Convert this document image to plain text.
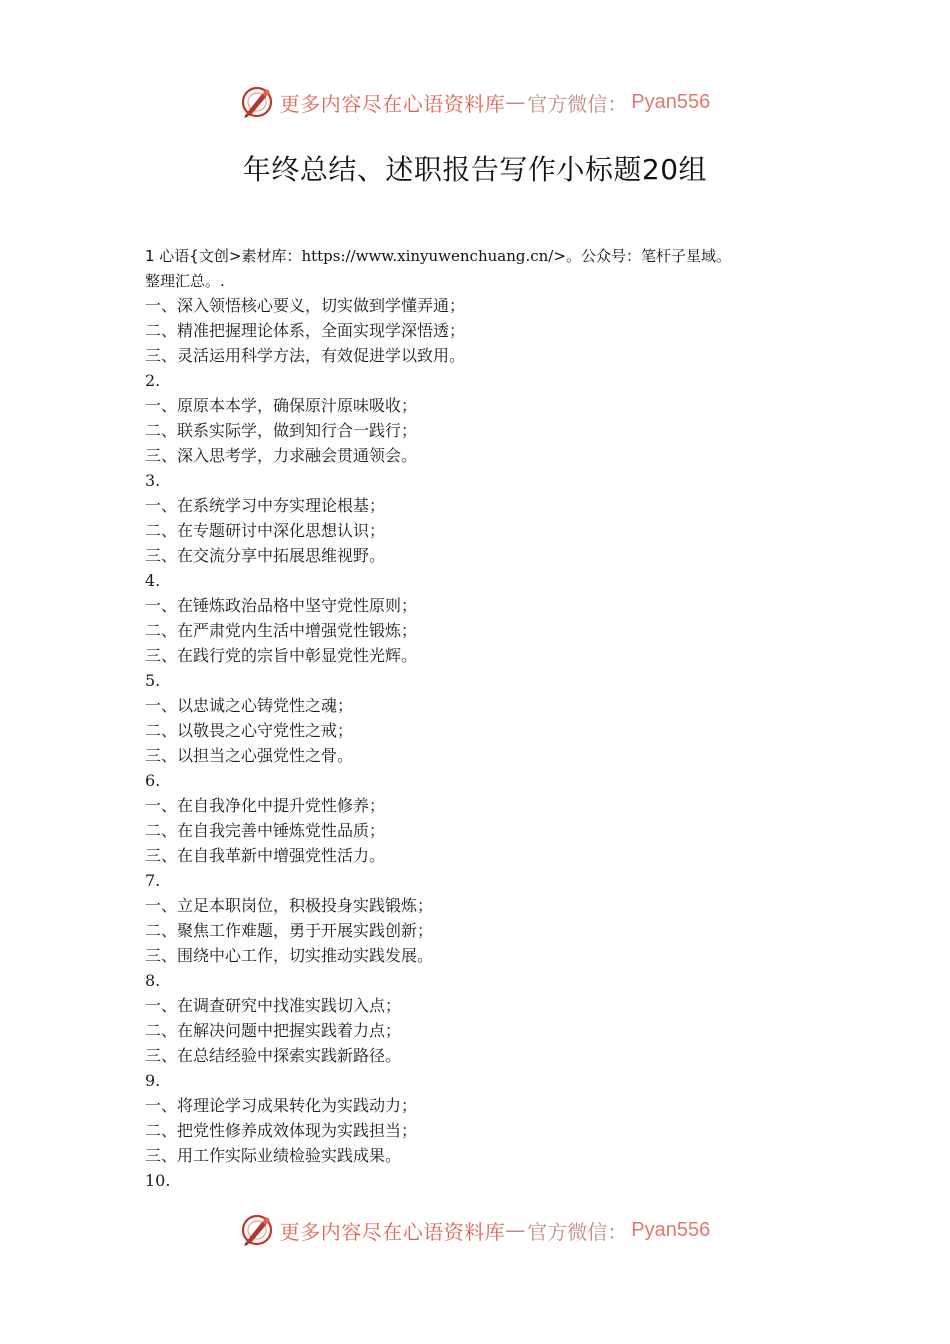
更多内容尽在心语资料库 — 官方微信： Pyan556
年终总结、述职报告写作小标题20组
1 心语{文创>素材库：https://www.xinyuwenchuang.cn/>。公众号：笔杆子星域。
整理汇总。.
一、深入领悟核心要义，切实做到学懂弄通；
二、精准把握理论体系，全面实现学深悟透；
三、灵活运用科学方法，有效促进学以致用。
2.
一、原原本本学，确保原汁原味吸收；
二、联系实际学，做到知行合一践行；
三、深入思考学，力求融会贯通领会。
3.
一、在系统学习中夯实理论根基；
二、在专题研讨中深化思想认识；
三、在交流分享中拓展思维视野。
4.
一、在锤炼政治品格中坚守党性原则；
二、在严肃党内生活中增强党性锻炼；
三、在践行党的宗旨中彰显党性光辉。
5.
一、以忠诚之心铸党性之魂；
二、以敬畏之心守党性之戒；
三、以担当之心强党性之骨。
6.
一、在自我净化中提升党性修养；
二、在自我完善中锤炼党性品质；
三、在自我革新中增强党性活力。
7.
一、立足本职岗位，积极投身实践锻炼；
二、聚焦工作难题，勇于开展实践创新；
三、围绕中心工作，切实推动实践发展。
8.
一、在调查研究中找准实践切入点；
二、在解决问题中把握实践着力点；
三、在总结经验中探索实践新路径。
9.
一、将理论学习成果转化为实践动力；
二、把党性修养成效体现为实践担当；
三、用工作实际业绩检验实践成果。
10.
更多内容尽在心语资料库 — 官方微信： Pyan556
